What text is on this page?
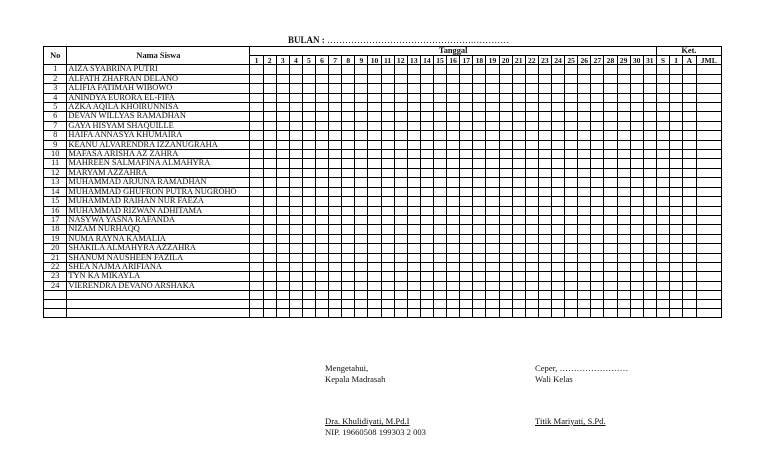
BULAN : ………………………………………….…………
No	Nama Siswa	Tanggal																															Ket.			
		1	2	3	4	5	6	7	8	9	10	11	12	13	14	15	16	17	18	19	20	21	22	23	24	25	26	27	28	29	30	31	S	I	A	JML
1	AIZA SYABRINA PUTRI																																			
2	ALFATH ZHAFRAN DELANO																																			
3	ALIFIA FATIMAH WIBOWO																																			
4	ANINDYA EURORA EL-FIFA																																			
5	AZKA AQILA KHOIRUNNISA																																			
6	DEVAN WILLYAS RAMADHAN																																			
7	GAYA HISYAM SHAQUILLE																																			
8	HAIFA ANNASYA KHUMAIRA																																			
9	KEANU ALVARENDRA IZZANUGRAHA																																			
10	MAFASA ARISHA AZ ZAHRA																																			
11	MAHREEN SALMAFINA ALMAHYRA																																			
12	MARYAM AZZAHRA																																			
13	MUHAMMAD ARJUNA RAMADHAN																																			
14	MUHAMMAD GHUFRON PUTRA NUGROHO																																			
15	MUHAMMAD RAIHAN NUR FAEZA																																			
16	MUHAMMAD RIZWAN ADHITAMA																																			
17	NASYWA YASNA RAFANDA																																			
18	NIZAM NURHAQQ																																			
19	NUMA RAYNA KAMALIA																																			
20	SHAKILA ALMAHYRA AZZAHRA																																			
21	SHANUM NAUSHEEN FAZILA																																			
22	SHEA NAJMA ARIFIANA																																			
23	TYN KA MIKAYLA																																			
24	VIERENDRA DEVANO ARSHAKA																																			

Mengetahui,
Kepala Madrasah
Dra. Khulidiyati, M.Pd.I
NIP. 19660508 199303 2 003
Ceper, ……………………
Wali Kelas
Titik Mariyati, S.Pd.
